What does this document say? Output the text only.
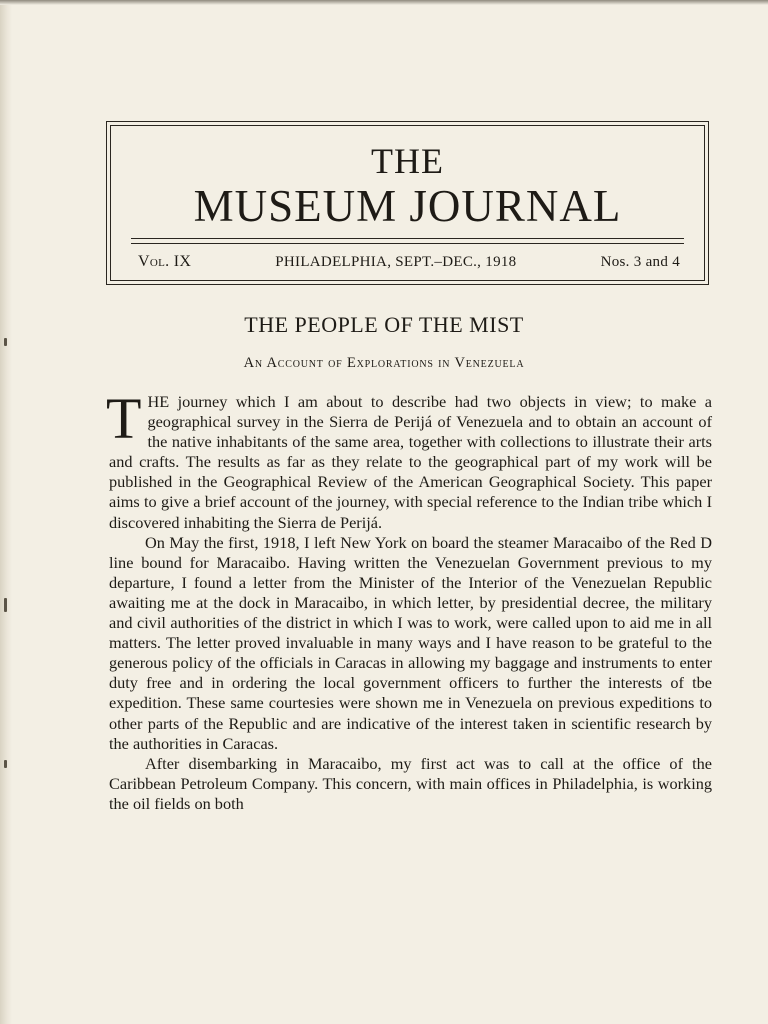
THE
MUSEUM JOURNAL
Vol. IX	PHILADELPHIA, SEPT.–DEC., 1918	Nos. 3 and 4
THE PEOPLE OF THE MIST
An Account of Explorations in Venezuela

THE journey which I am about to describe had two objects in view; to make a geographical survey in the Sierra de Perijá of Venezuela and to obtain an account of the native inhabitants of the same area, together with collections to illustrate their arts and crafts. The results as far as they relate to the geographical part of my work will be published in the Geographical Review of the American Geographical Society. This paper aims to give a brief account of the journey, with special reference to the Indian tribe which I discovered inhabiting the Sierra de Perijá.

On May the first, 1918, I left New York on board the steamer Maracaibo of the Red D line bound for Maracaibo. Having written the Venezuelan Government previous to my departure, I found a letter from the Minister of the Interior of the Venezuelan Republic awaiting me at the dock in Maracaibo, in which letter, by presidential decree, the military and civil authorities of the district in which I was to work, were called upon to aid me in all matters. The letter proved invaluable in many ways and I have reason to be grateful to the generous policy of the officials in Caracas in allowing my baggage and instruments to enter duty free and in ordering the local government officers to further the interests of tbe expedition. These same courtesies were shown me in Venezuela on previous expeditions to other parts of the Republic and are indicative of the interest taken in scientific research by the authorities in Caracas.

After disembarking in Maracaibo, my first act was to call at the office of the Caribbean Petroleum Company. This concern, with main offices in Philadelphia, is working the oil fields on both
